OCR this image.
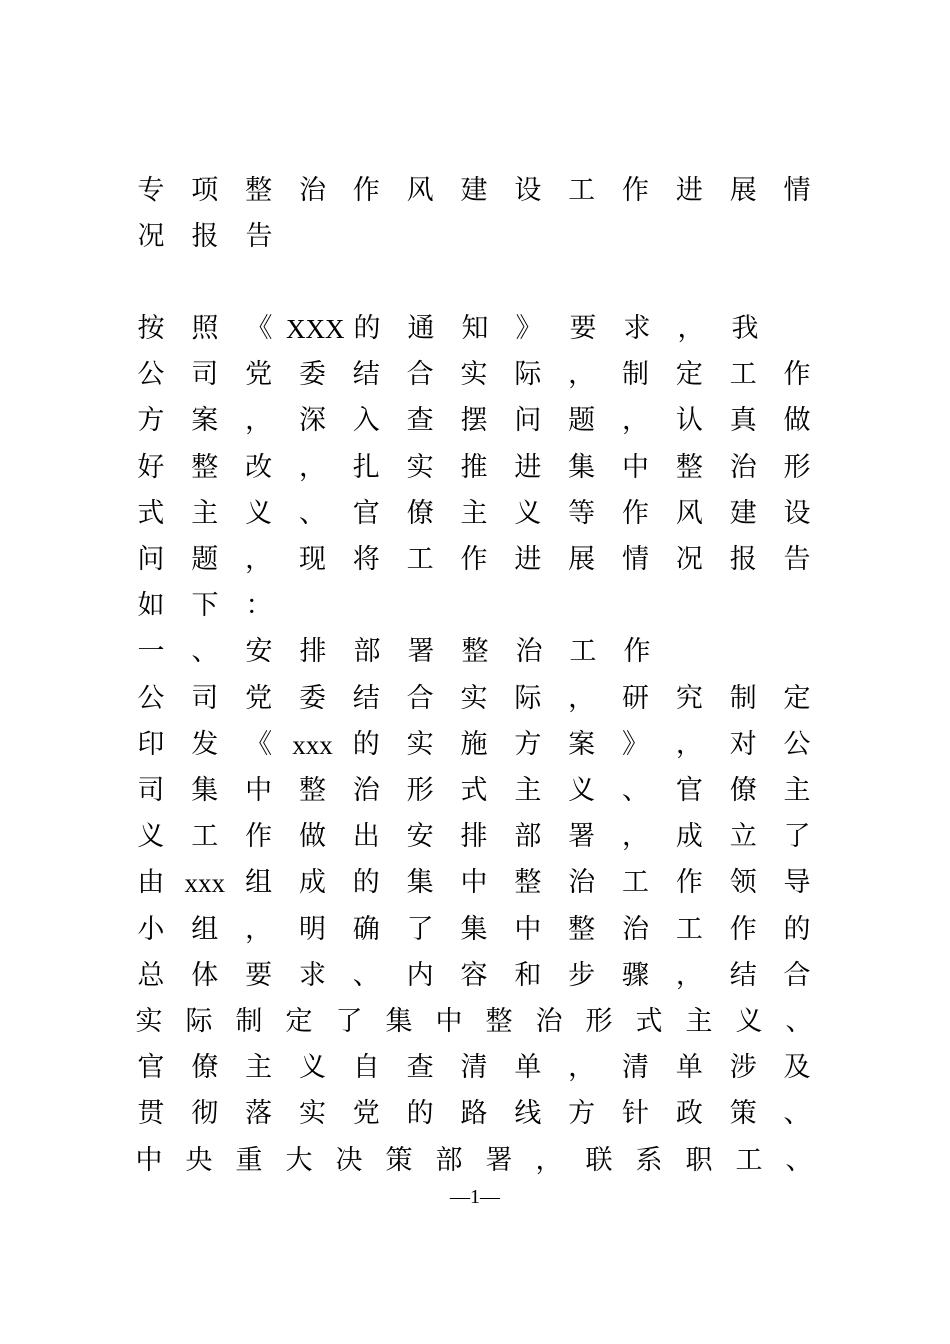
专 项 整 治 作 风 建 设 工 作 进 展 情
况	报	告
按	照	《 XXX 的	通	知	》	要	求	，	我
公 司 党 委 结 合 实 际 ， 制 定 工 作
方 案 ， 深 入 查 摆 问 题 ， 认 真 做
好 整 改 ， 扎 实 推 进 集 中 整 治 形
式 主 义 、 官 僚 主 义 等 作 风 建 设
问 题 ， 现 将 工 作 进 展 情 况 报 告
如	下	：
一	、	安	排	部	署	整	治	工	作
公 司 党 委 结 合 实 际 ， 研 究 制 定
印 发 《 xxx 的 实 施 方 案 》 ， 对 公
司 集 中 整 治 形 式 主 义 、 官 僚 主
义 工 作 做 出 安 排 部 署 ， 成 立 了
由 xxx 组 成 的 集 中 整 治 工 作 领 导
小 组 ， 明 确 了 集 中 整 治 工 作 的
总 体 要 求 、 内 容 和 步 骤 ， 结 合
实 际 制 定 了 集 中 整 治 形 式 主 义 、
官 僚 主 义 自 查 清 单 ， 清 单 涉 及
贯 彻 落 实 党 的 路 线 方 针 政 策 、
中 央 重 大 决 策 部 署 ， 联 系 职 工 、
—1—
